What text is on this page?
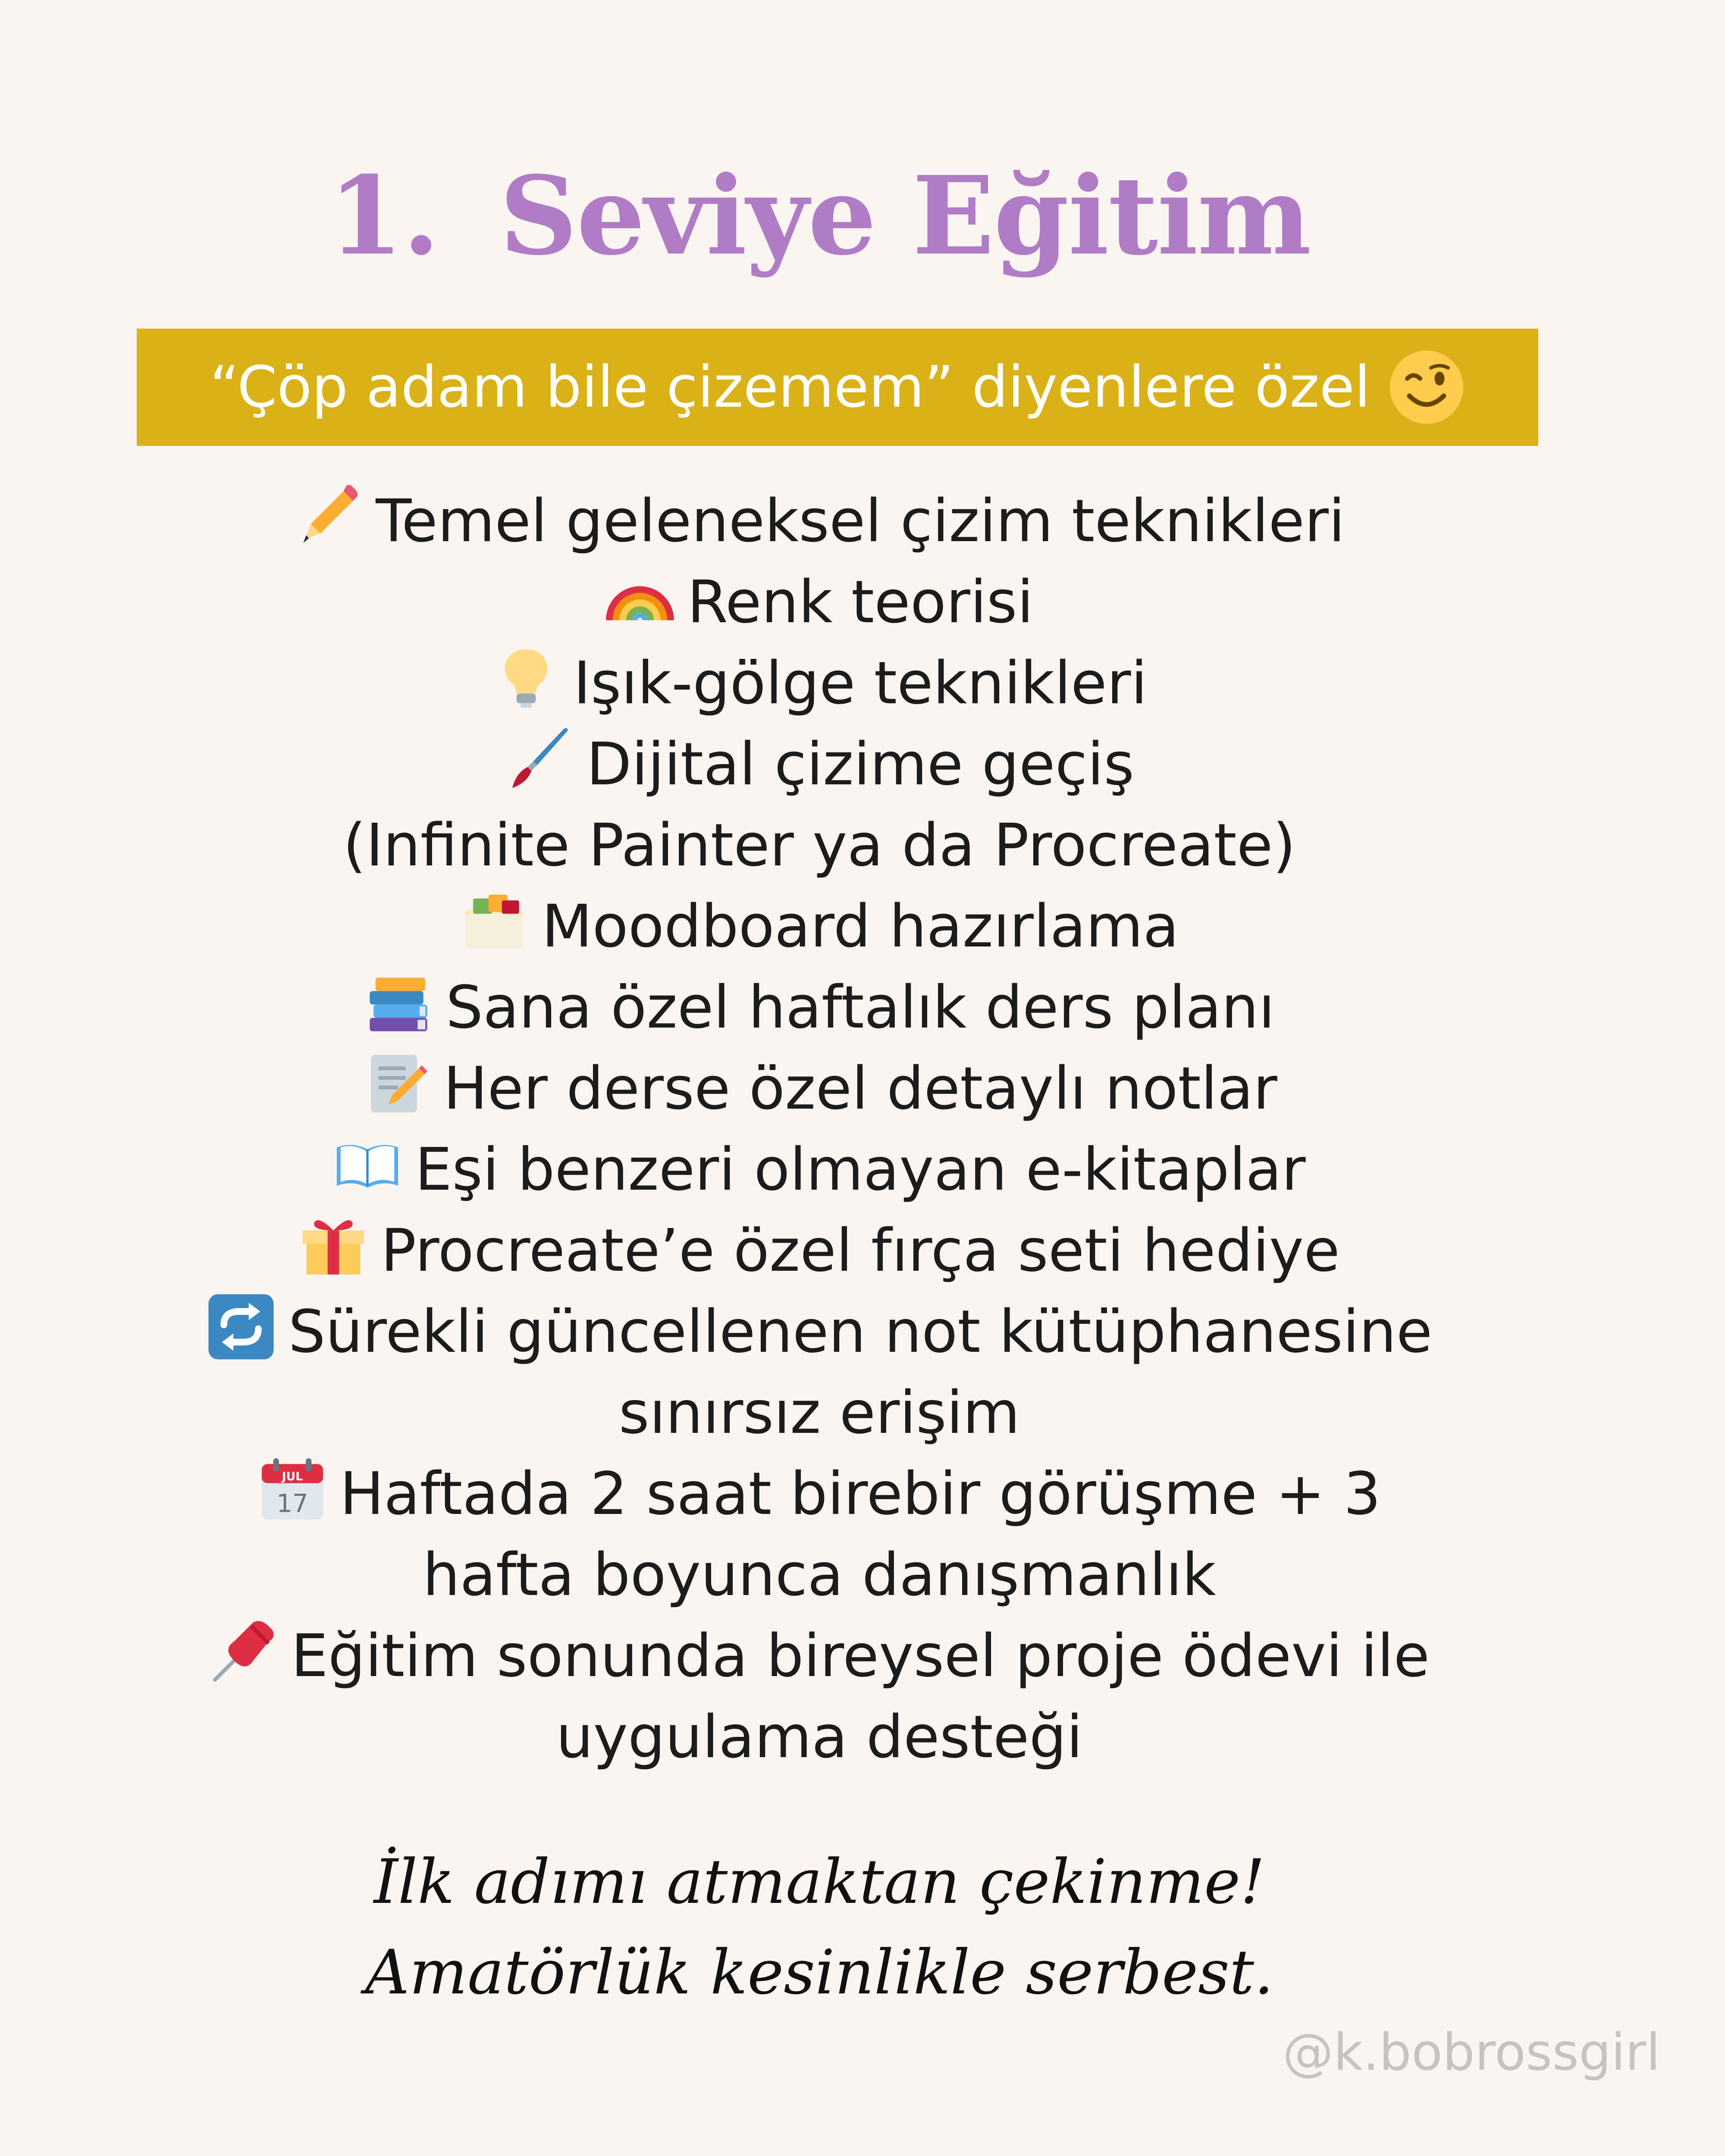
1. Seviye Eğitim
“Çöp adam bile çizemem” diyenlere özel
Temel geleneksel çizim teknikleri
Renk teorisi
Işık-gölge teknikleri
Dijital çizime geçiş
(Infinite Painter ya da Procreate)
Moodboard hazırlama
Sana özel haftalık ders planı
Her derse özel detaylı notlar
Eşi benzeri olmayan e-kitaplar
Procreate’e özel fırça seti hediye
Sürekli güncellenen not kütüphanesine
sınırsız erişim
JUL
17 Haftada 2 saat birebir görüşme + 3
hafta boyunca danışmanlık
Eğitim sonunda bireysel proje ödevi ile
uygulama desteği
İlk adımı atmaktan çekinme!
Amatörlük kesinlikle serbest.
@k.bobrossgirl
